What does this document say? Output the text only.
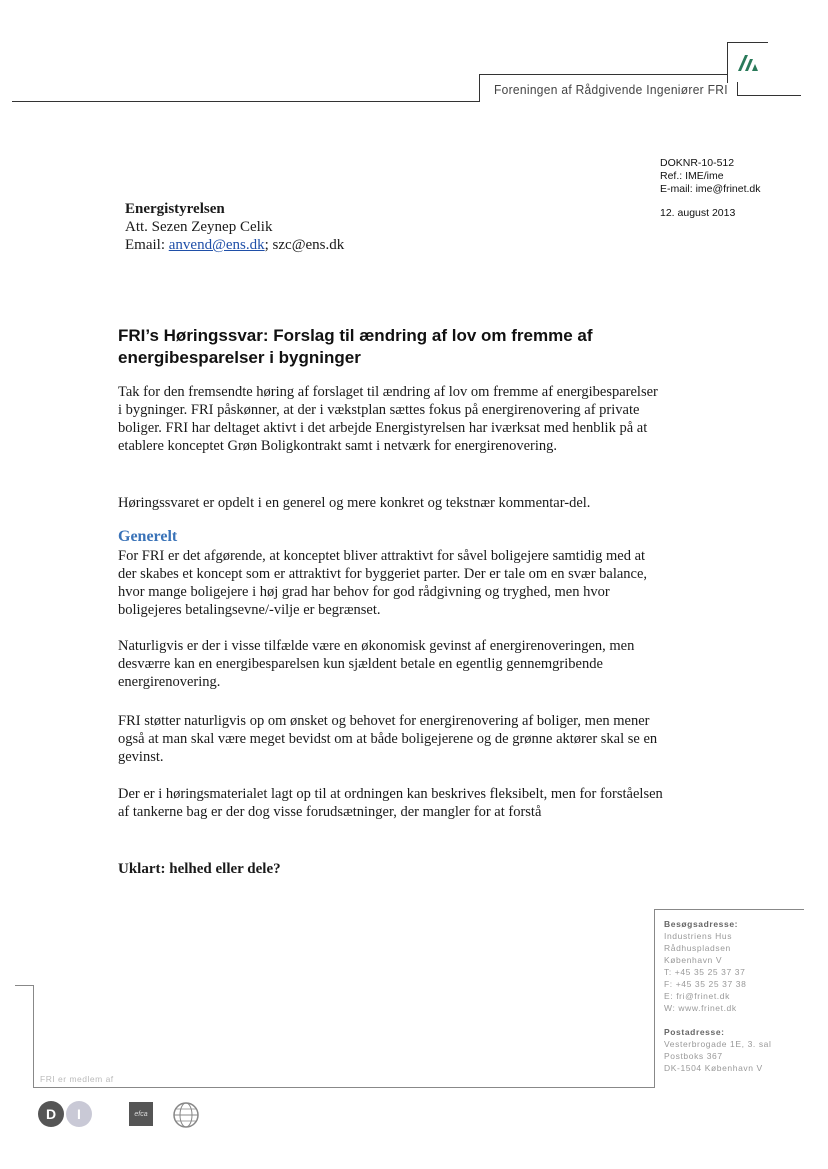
Foreningen af Rådgivende Ingeniører FRI
DOKNR-10-512
Ref.: IME/ime
E-mail: ime@frinet.dk
12. august 2013
Energistyrelsen
Att. Sezen Zeynep Celik
Email: anvend@ens.dk; szc@ens.dk
FRI’s Høringssvar: Forslag til ændring af lov om fremme af energibesparelser i bygninger

Tak for den fremsendte høring af forslaget til ændring af lov om fremme af energibesparelser i bygninger. FRI påskønner, at der i vækstplan sættes fokus på energirenovering af private boliger. FRI har deltaget aktivt i det arbejde Energistyrelsen har iværksat med henblik på at etablere konceptet Grøn Boligkontrakt samt i netværk for energirenovering.

Høringssvaret er opdelt i en generel og mere konkret og tekstnær kommentar-del.

Generelt

For FRI er det afgørende, at konceptet bliver attraktivt for såvel boligejere samtidig med at der skabes et koncept som er attraktivt for byggeriet parter. Der er tale om en svær balance, hvor mange boligejere i høj grad har behov for god rådgivning og tryghed, men hvor boligejeres betalingsevne/-vilje er begrænset.

Naturligvis er der i visse tilfælde være en økonomisk gevinst af energirenoveringen, men desværre kan en energibesparelsen kun sjældent betale en egentlig gennemgribende energirenovering.

FRI støtter naturligvis op om ønsket og behovet for energirenovering af boliger, men mener også at man skal være meget bevidst om at både boligejerene og de grønne aktører skal se en gevinst.

Der er i høringsmaterialet lagt op til at ordningen kan beskrives fleksibelt, men for forståelsen af tankerne bag er der dog visse forudsætninger, der mangler for at forstå

Uklart: helhed eller dele?
Besøgsadresse:
Industriens Hus
Rådhuspladsen
København V
T: +45 35 25 37 37
F: +45 35 25 37 38
E: fri@frinet.dk
W: www.frinet.dk
Postadresse:
Vesterbrogade 1E, 3. sal
Postboks 367
DK-1504 København V
FRI er medlem af
D	I	efca
